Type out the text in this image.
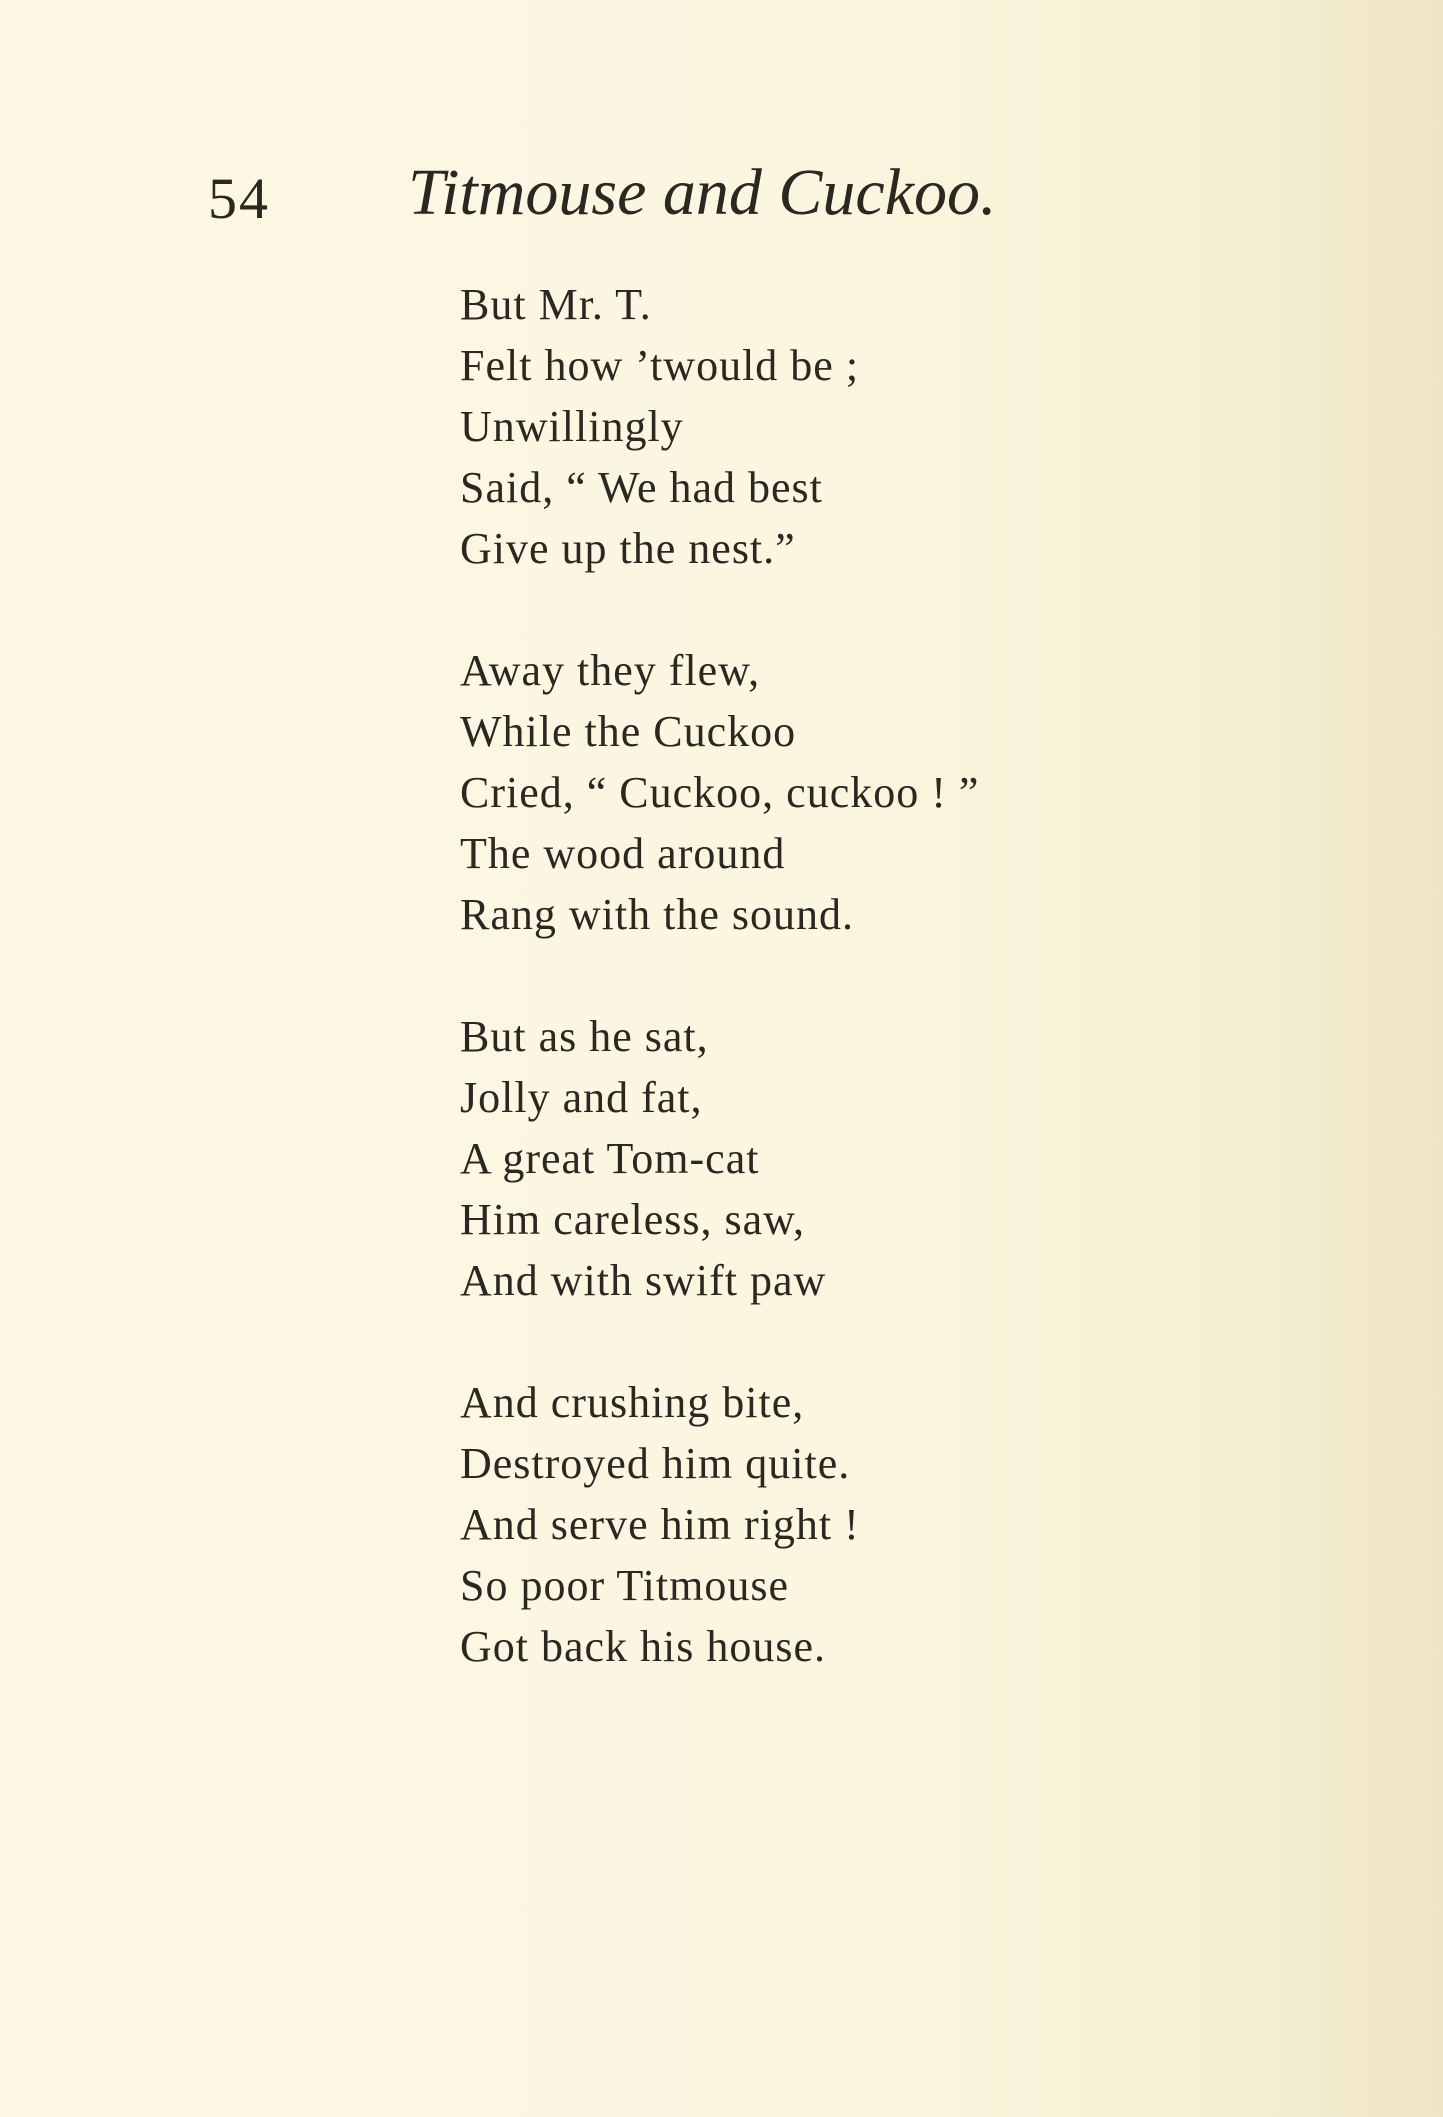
54 Titmouse and Cuckoo.
But Mr. T.
Felt how ’twould be ;
Unwillingly
Said, “ We had best
Give up the nest.”
Away they flew,
While the Cuckoo
Cried, “ Cuckoo, cuckoo ! ”
The wood around
Rang with the sound.
But as he sat,
Jolly and fat,
A great Tom-cat
Him careless, saw,
And with swift paw
And crushing bite,
Destroyed him quite.
And serve him right !
So poor Titmouse
Got back his house.
